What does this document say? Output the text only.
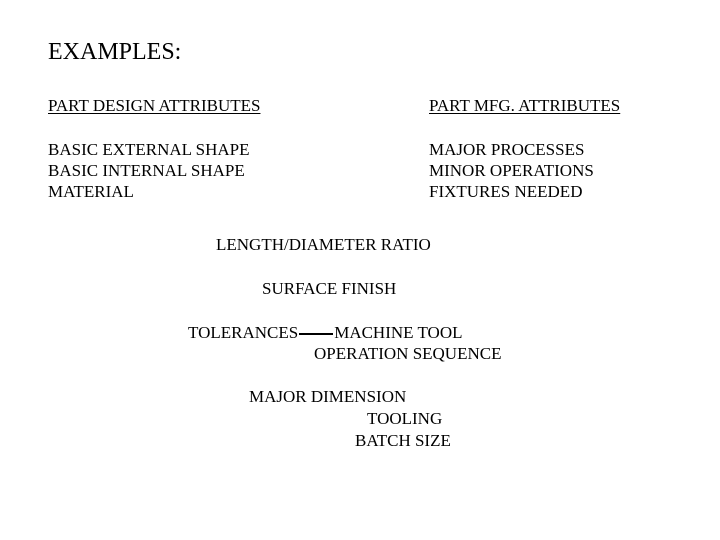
EXAMPLES:
PART DESIGN ATTRIBUTES	PART MFG. ATTRIBUTES
BASIC EXTERNAL SHAPE
BASIC INTERNAL SHAPE
MATERIAL
MAJOR PROCESSES
MINOR OPERATIONS
FIXTURES NEEDED
LENGTH/DIAMETER RATIO
SURFACE FINISH
TOLERANCES MACHINE TOOL
OPERATION SEQUENCE
MAJOR DIMENSION
TOOLING
BATCH SIZE
